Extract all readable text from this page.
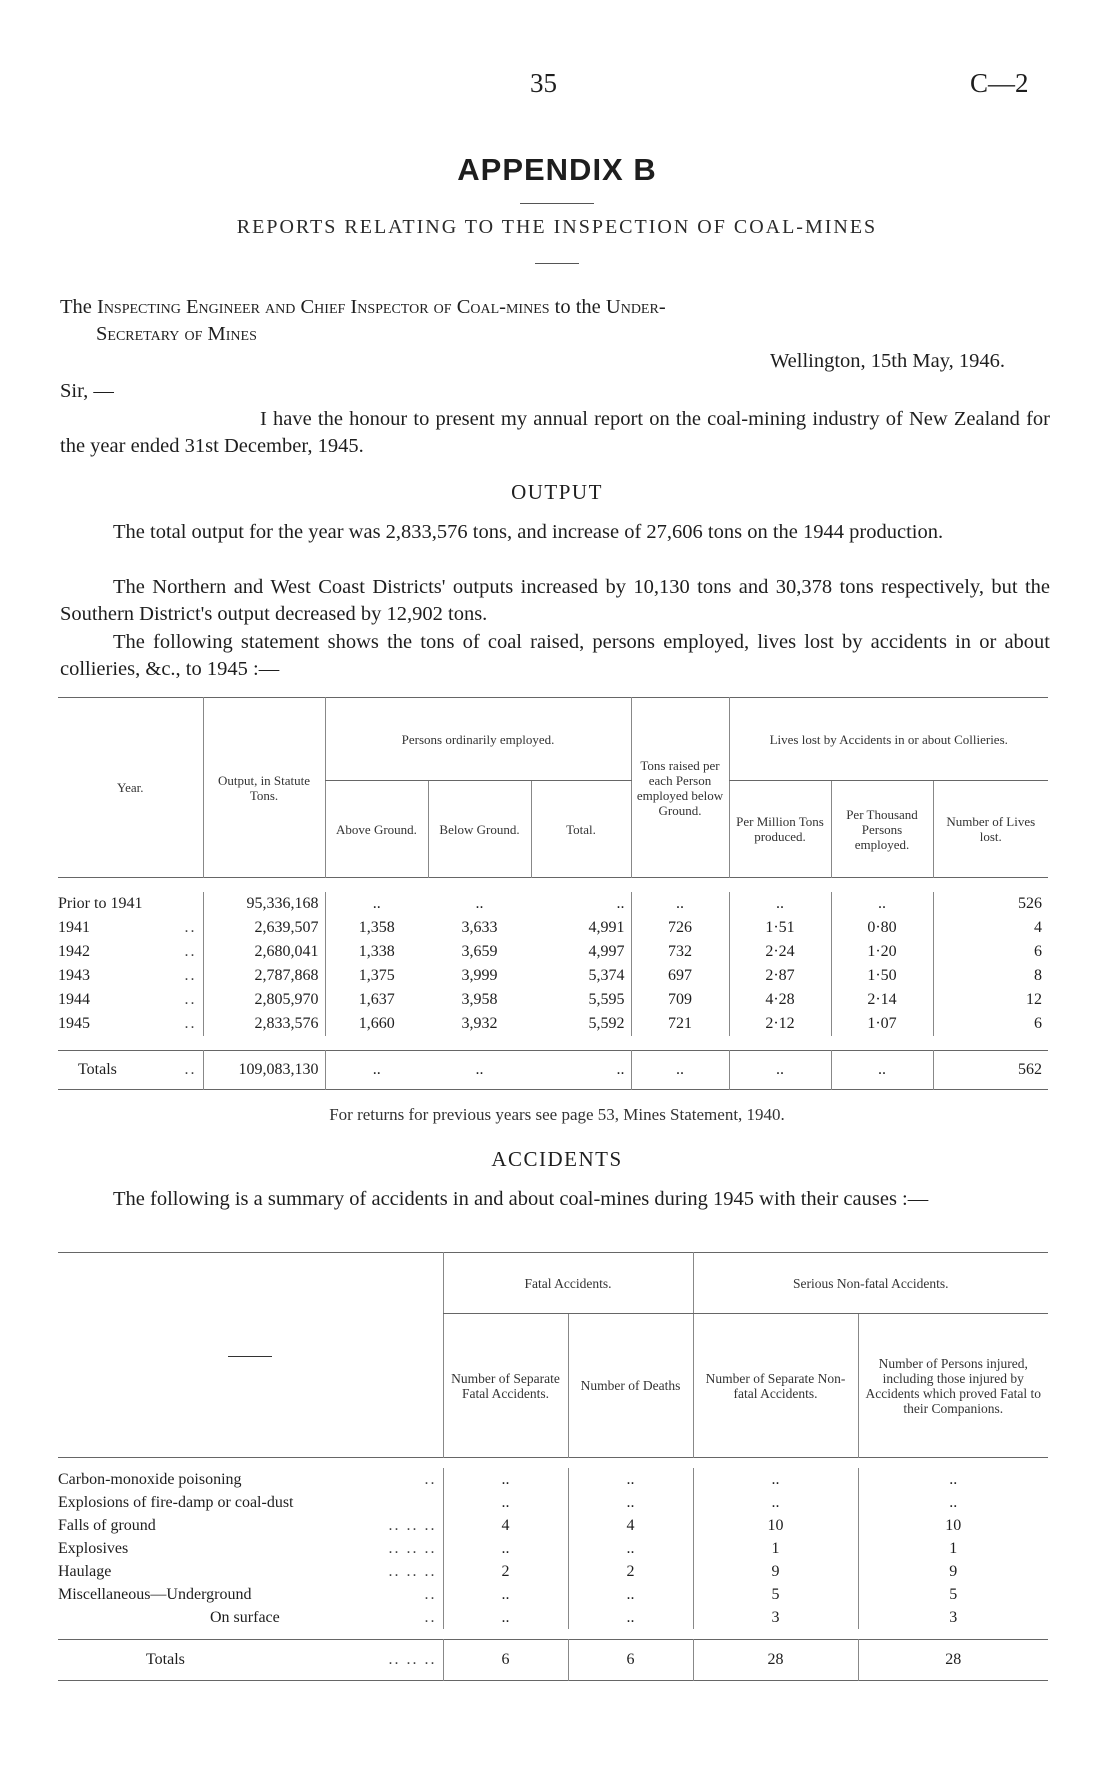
35	C—2
APPENDIX B
REPORTS RELATING TO THE INSPECTION OF COAL-MINES
The Inspecting Engineer and Chief Inspector of Coal-mines to the Under-
Secretary of Mines
Wellington, 15th May, 1946.
Sir, —
I have the honour to present my annual report on the coal-mining industry of New Zealand for the year ended 31st December, 1945.
OUTPUT
The total output for the year was 2,833,576 tons, and increase of 27,606 tons on the 1944 production.
The Northern and West Coast Districts' outputs increased by 10,130 tons and 30,378 tons respectively, but the Southern District's output decreased by 12,902 tons.
The following statement shows the tons of coal raised, persons employed, lives lost by accidents in or about collieries, &c., to 1945 :—
Year.	Output, in Statute Tons.	Persons ordinarily employed.			Tons raised per each Person employed below Ground.	Lives lost by Accidents in or about Collieries.		
		Above Ground.	Below Ground.	Total.		Per Million Tons produced.	Per Thousand Persons employed.	Number of Lives lost.

Prior to 1941	95,336,168	..	..	..	..	..	..	526
1941 ..	2,639,507	1,358	3,633	4,991	726	1·51	0·80	4
1942 ..	2,680,041	1,338	3,659	4,997	732	2·24	1·20	6
1943 ..	2,787,868	1,375	3,999	5,374	697	2·87	1·50	8
1944 ..	2,805,970	1,637	3,958	5,595	709	4·28	2·14	12
1945 ..	2,833,576	1,660	3,932	5,592	721	2·12	1·07	6

Totals ..	109,083,130	..	..	..	..	..	..	562
For returns for previous years see page 53, Mines Statement, 1940.
ACCIDENTS
The following is a summary of accidents in and about coal-mines during 1945 with their causes :—
	Fatal Accidents.		Serious Non-fatal Accidents.	
	Number of Separate Fatal Accidents.	Number of Deaths	Number of Separate Non-fatal Accidents.	Number of Persons injured, including those injured by Accidents which proved Fatal to their Companions.

Carbon-monoxide poisoning ..	..	..	..	..
Explosions of fire-damp or coal-dust	..	..	..	..
Falls of ground .. .. ..	4	4	10	10
Explosives .. .. ..	..	..	1	1
Haulage .. .. ..	2	2	9	9
Miscellaneous—Underground ..	..	..	5	5
On surface ..	..	..	3	3

Totals .. .. ..	6	6	28	28
